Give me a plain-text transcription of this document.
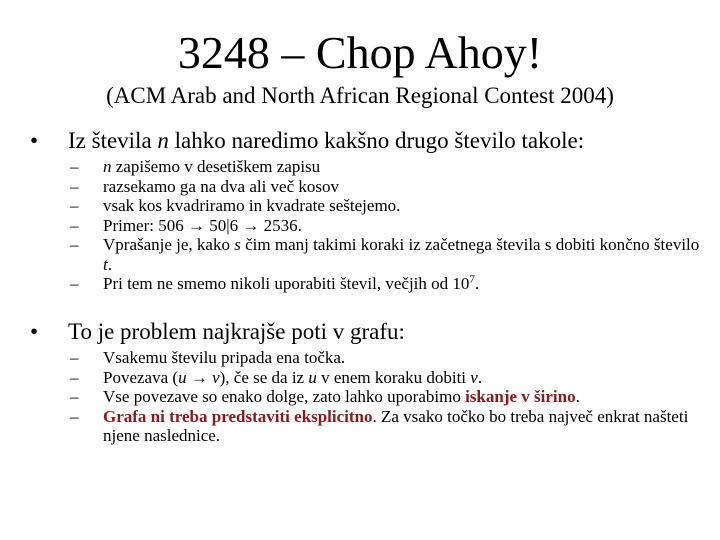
3248 – Chop Ahoy!
(ACM Arab and North African Regional Contest 2004)
• Iz števila n lahko naredimo kakšno drugo število takole:
– n zapišemo v desetiškem zapisu
– razsekamo ga na dva ali več kosov
– vsak kos kvadriramo in kvadrate seštejemo.
– Primer: 506 → 50|6 → 2536.
– Vprašanje je, kako s čim manj takimi koraki iz začetnega števila s dobiti končno število t.
– Pri tem ne smemo nikoli uporabiti števil, večjih od $10^7$.
• To je problem najkrajše poti v grafu:
– Vsakemu številu pripada ena točka.
– Povezava (u → v), če se da iz u v enem koraku dobiti v.
– Vse povezave so enako dolge, zato lahko uporabimo iskanje v širino.
– Grafa ni treba predstaviti eksplicitno. Za vsako točko bo treba največ enkrat našteti njene naslednice.
